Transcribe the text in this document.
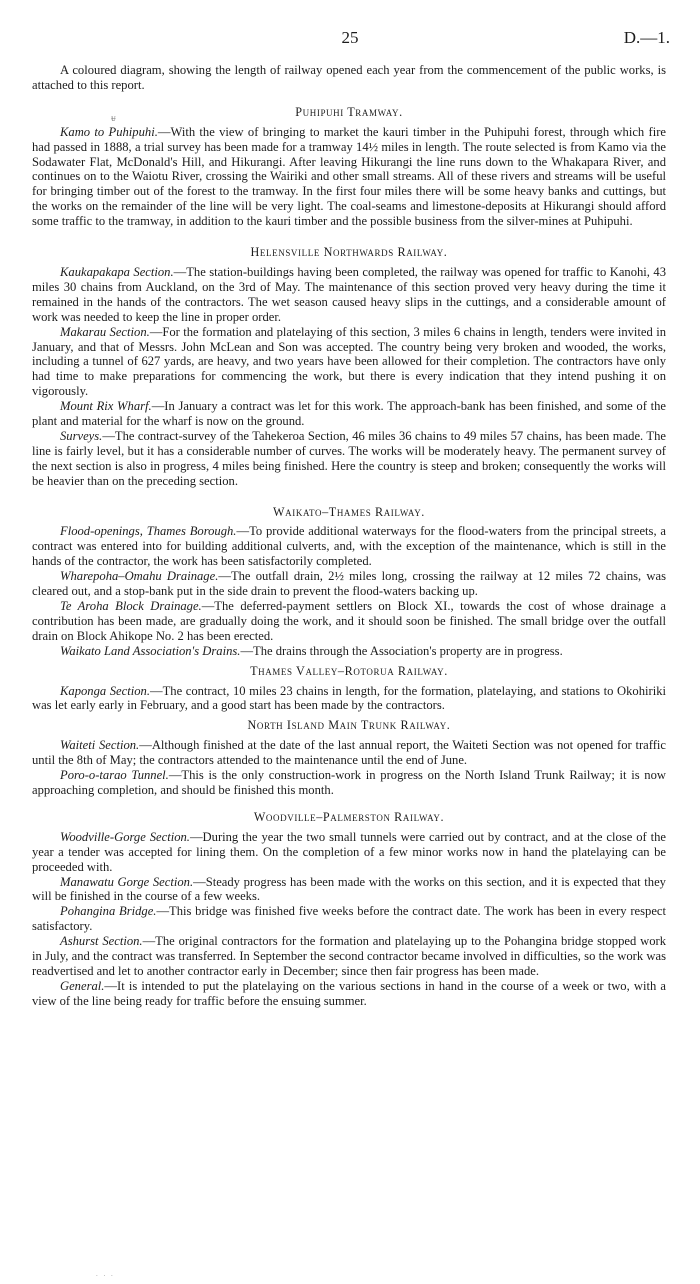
25	D.—1.
ᵾ

A coloured diagram, showing the length of railway opened each year from the commencement of the public works, is attached to this report.

Puhipuhi Tramway.

Kamo to Puhipuhi.—With the view of bringing to market the kauri timber in the Puhipuhi forest, through which fire had passed in 1888, a trial survey has been made for a tramway 14½ miles in length. The route selected is from Kamo via the Sodawater Flat, McDonald's Hill, and Hikurangi. After leaving Hikurangi the line runs down to the Whakapara River, and continues on to the Waiotu River, crossing the Wairiki and other small streams. All of these rivers and streams will be useful for bringing timber out of the forest to the tramway. In the first four miles there will be some heavy banks and cuttings, but the works on the remainder of the line will be very light. The coal-seams and limestone-deposits at Hikurangi should afford some traffic to the tramway, in addition to the kauri timber and the possible business from the silver-mines at Puhipuhi.

Helensville Northwards Railway.

Kaukapakapa Section.—The station-buildings having been completed, the railway was opened for traffic to Kanohi, 43 miles 30 chains from Auckland, on the 3rd of May. The maintenance of this section proved very heavy during the time it remained in the hands of the contractors. The wet season caused heavy slips in the cuttings, and a considerable amount of work was needed to keep the line in proper order.

Makarau Section.—For the formation and platelaying of this section, 3 miles 6 chains in length, tenders were invited in January, and that of Messrs. John McLean and Son was accepted. The country being very broken and wooded, the works, including a tunnel of 627 yards, are heavy, and two years have been allowed for their completion. The contractors have only had time to make preparations for commencing the work, but there is every indication that they intend pushing it on vigorously.

Mount Rix Wharf.—In January a contract was let for this work. The approach-bank has been finished, and some of the plant and material for the wharf is now on the ground.

Surveys.—The contract-survey of the Tahekeroa Section, 46 miles 36 chains to 49 miles 57 chains, has been made. The line is fairly level, but it has a considerable number of curves. The works will be moderately heavy. The permanent survey of the next section is also in progress, 4 miles being finished. Here the country is steep and broken; consequently the works will be heavier than on the preceding section.

Waikato–Thames Railway.

Flood-openings, Thames Borough.—To provide additional waterways for the flood-waters from the principal streets, a contract was entered into for building additional culverts, and, with the exception of the maintenance, which is still in the hands of the contractor, the work has been satisfactorily completed.

Wharepoha–Omahu Drainage.—The outfall drain, 2½ miles long, crossing the railway at 12 miles 72 chains, was cleared out, and a stop-bank put in the side drain to prevent the flood-waters backing up.

Te Aroha Block Drainage.—The deferred-payment settlers on Block XI., towards the cost of whose drainage a contribution has been made, are gradually doing the work, and it should soon be finished. The small bridge over the outfall drain on Block Ahikope No. 2 has been erected.

Waikato Land Association's Drains.—The drains through the Association's property are in progress.

Thames Valley–Rotorua Railway.

Kaponga Section.—The contract, 10 miles 23 chains in length, for the formation, platelaying, and stations to Okohiriki was let early early in February, and a good start has been made by the contractors.

North Island Main Trunk Railway.

Waiteti Section.—Although finished at the date of the last annual report, the Waiteti Section was not opened for traffic until the 8th of May; the contractors attended to the maintenance until the end of June.

Poro-o-tarao Tunnel.—This is the only construction-work in progress on the North Island Trunk Railway; it is now approaching completion, and should be finished this month.

Woodville–Palmerston Railway.

Woodville-Gorge Section.—During the year the two small tunnels were carried out by contract, and at the close of the year a tender was accepted for lining them. On the completion of a few minor works now in hand the platelaying can be proceeded with.

Manawatu Gorge Section.—Steady progress has been made with the works on this section, and it is expected that they will be finished in the course of a few weeks.

Pohangina Bridge.—This bridge was finished five weeks before the contract date. The work has been in every respect satisfactory.

Ashurst Section.—The original contractors for the formation and platelaying up to the Pohangina bridge stopped work in July, and the contract was transferred. In September the second contractor became involved in difficulties, so the work was readvertised and let to another contractor early in December; since then fair progress has been made.

General.—It is intended to put the platelaying on the various sections in hand in the course of a week or two, with a view of the line being ready for traffic before the ensuing summer.

. . .
